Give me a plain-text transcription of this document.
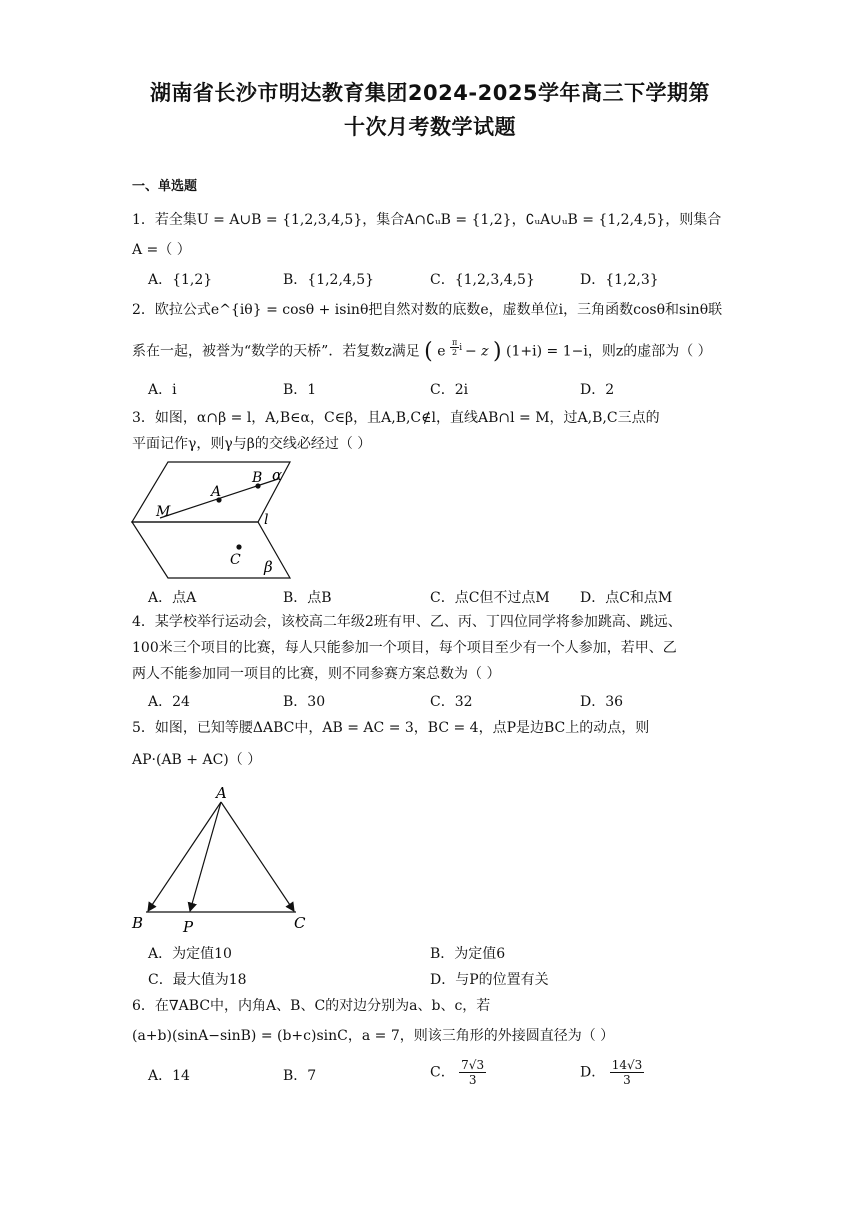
湖南省长沙市明达教育集团2024-2025学年高三下学期第
十次月考数学试题
一、单选题
1．若全集U = A∪B = {1,2,3,4,5}，集合A∩∁ᵤB = {1,2}，∁ᵤA∪ᵤB = {1,2,4,5}，则集合
A =（ ）
A．{1,2}	B．{1,2,4,5}	C．{1,2,3,4,5}	D．{1,2,3}
2．欧拉公式e^{iθ} = cosθ + isinθ把自然对数的底数e，虚数单位i，三角函数cosθ和sinθ联
系在一起，被誉为“数学的天桥”．若复数z满足 ( e $^{\frac{\pi}{2} i}$ − z ) (1+i) = 1−i，则z的虚部为（ ）
A．i	B．1	C．2i	D．2
3．如图，α∩β = l，A,B∈α，C∈β，且A,B,C∉l，直线AB∩l = M，过A,B,C三点的
平面记作γ，则γ与β的交线必经过（ ）
B α
A
M	l
C β
A．点A	B．点B	C．点C但不过点M D．点C和点M
4．某学校举行运动会，该校高二年级2班有甲、乙、丙、丁四位同学将参加跳高、跳远、
100米三个项目的比赛，每人只能参加一个项目，每个项目至少有一个人参加，若甲、乙
两人不能参加同一项目的比赛，则不同参赛方案总数为（ ）
A．24	B．30	C．32	D．36
5．如图，已知等腰ΔABC中，AB = AC = 3，BC = 4，点P是边BC上的动点，则
AP·(AB + AC)（ ）
A
B	P	C
A．为定值10	B．为定值6
C．最大值为18	D．与P的位置有关
6．在∇ABC中，内角A、B、C的对边分别为a、b、c，若
(a+b)(sinA−sinB) = (b+c)sinC，a = 7，则该三角形的外接圆直径为（ ）
A．14	B．7	C． $\frac{7√3}{3}$	D． $\frac{14√3}{3}$
